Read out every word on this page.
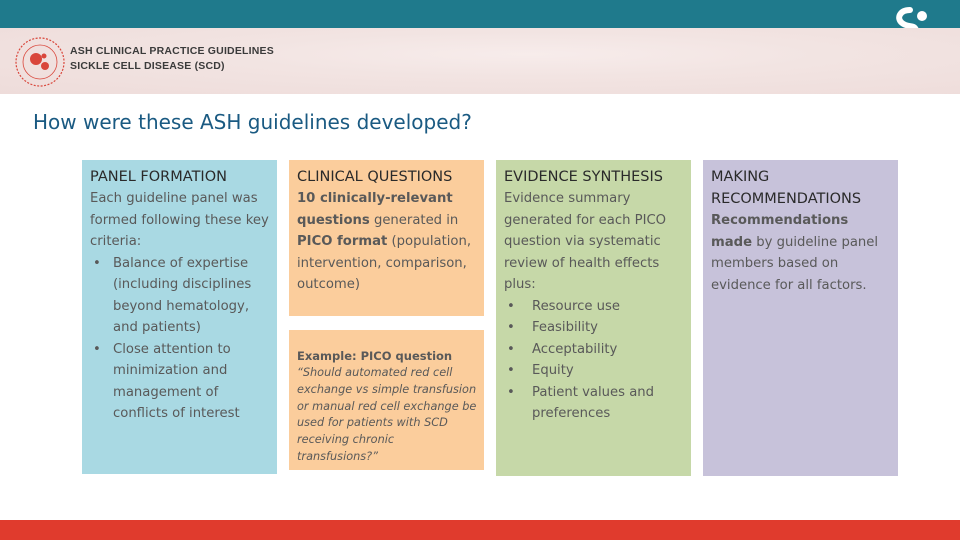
ASH CLINICAL PRACTICE GUIDELINES
SICKLE CELL DISEASE (SCD)
How were these ASH guidelines developed?
PANEL FORMATION
Each guideline panel was formed following these key criteria:
• Balance of expertise (including disciplines beyond hematology, and patients)
• Close attention to minimization and management of conflicts of interest
CLINICAL QUESTIONS
10 clinically-relevant questions generated in PICO format (population, intervention, comparison, outcome)
Example: PICO question
“Should automated red cell exchange vs simple transfusion or manual red cell exchange be used for patients with SCD receiving chronic transfusions?”
EVIDENCE SYNTHESIS
Evidence summary generated for each PICO question via systematic review of health effects plus:
• Resource use
• Feasibility
• Acceptability
• Equity
• Patient values and preferences
MAKING RECOMMENDATIONS
Recommendations made by guideline panel members based on evidence for all factors.
